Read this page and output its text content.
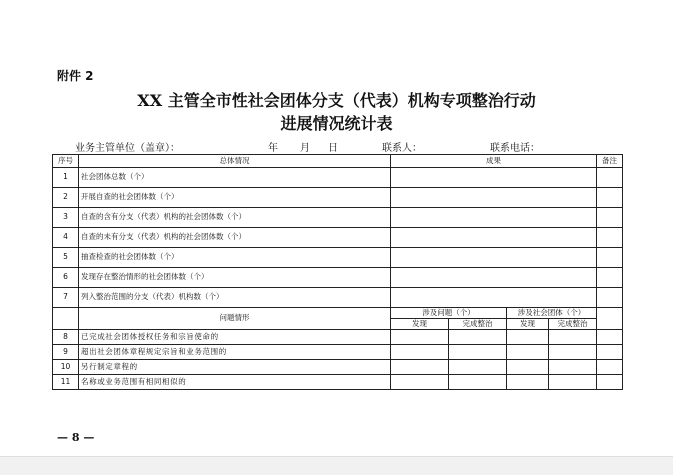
附件 2
XX 主管全市性社会团体分支（代表）机构专项整治行动
进展情况统计表
业务主管单位（盖章）：	年 月 日	联系人：	联系电话：
序号	总体情况	成果				备注
1	社会团体总数（个）					
2	开展自查的社会团体数（个）					
3	自查的含有分支（代表）机构的社会团体数（个）					
4	自查的未有分支（代表）机构的社会团体数（个）					
5	抽查检查的社会团体数（个）					
6	发现存在整治情形的社会团体数（个）					
7	列入整治范围的分支（代表）机构数（个）					
	问题情形	涉及问题（个）		涉及社会团体（个）		
		发现	完成整治	发现	完成整治	
8	已完成社会团体授权任务和宗旨使命的					
9	超出社会团体章程规定宗旨和业务范围的					
10	另行制定章程的					
11	名称或业务范围有相同相似的					
— 8 —
